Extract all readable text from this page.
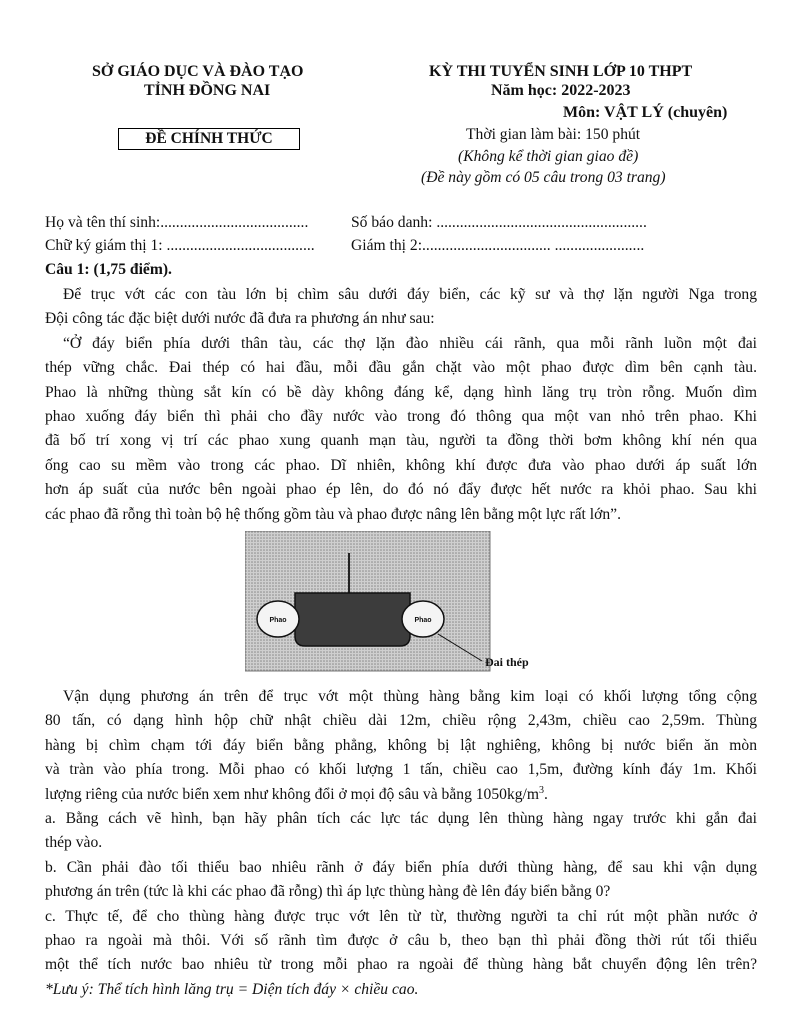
SỞ GIÁO DỤC VÀ ĐÀO TẠO
TỈNH ĐỒNG NAI
ĐỀ CHÍNH THỨC
KỲ THI TUYỂN SINH LỚP 10 THPT
Năm học: 2022-2023
Môn: VẬT LÝ (chuyên)
Thời gian làm bài: 150 phút
(Không kể thời gian giao đề)
(Đề này gồm có 05 câu trong 03 trang)
Họ và tên thí sinh:......................................	Số báo danh: ......................................................
Chữ ký giám thị 1: ...................................... Giám thị 2:................................. .......................
Câu 1: (1,75 điểm).
Để trục vớt các con tàu lớn bị chìm sâu dưới đáy biển, các kỹ sư và thợ lặn người Nga trong
Đội công tác đặc biệt dưới nước đã đưa ra phương án như sau:
“Ở đáy biển phía dưới thân tàu, các thợ lặn đào nhiều cái rãnh, qua mỗi rãnh luồn một đai
thép vững chắc. Đai thép có hai đầu, mỗi đầu gắn chặt vào một phao được dìm bên cạnh tàu.
Phao là những thùng sắt kín có bề dày không đáng kể, dạng hình lăng trụ tròn rỗng. Muốn dìm
phao xuống đáy biển thì phải cho đầy nước vào trong đó thông qua một van nhỏ trên phao. Khi
đã bố trí xong vị trí các phao xung quanh mạn tàu, người ta đồng thời bơm không khí nén qua
ống cao su mềm vào trong các phao. Dĩ nhiên, không khí được đưa vào phao dưới áp suất lớn
hơn áp suất của nước bên ngoài phao ép lên, do đó nó đẩy được hết nước ra khỏi phao. Sau khi
các phao đã rỗng thì toàn bộ hệ thống gồm tàu và phao được nâng lên bằng một lực rất lớn”.
Phao	Phao
Đai thép
Vận dụng phương án trên để trục vớt một thùng hàng bằng kim loại có khối lượng tổng cộng
80 tấn, có dạng hình hộp chữ nhật chiều dài 12m, chiều rộng 2,43m, chiều cao 2,59m. Thùng
hàng bị chìm chạm tới đáy biển bằng phẳng, không bị lật nghiêng, không bị nước biển ăn mòn
và tràn vào phía trong. Mỗi phao có khối lượng 1 tấn, chiều cao 1,5m, đường kính đáy 1m. Khối
lượng riêng của nước biển xem như không đổi ở mọi độ sâu và bằng $1050kg/m^3$.
a. Bằng cách vẽ hình, bạn hãy phân tích các lực tác dụng lên thùng hàng ngay trước khi gắn đai
thép vào.
b. Cần phải đào tối thiểu bao nhiêu rãnh ở đáy biển phía dưới thùng hàng, để sau khi vận dụng
phương án trên (tức là khi các phao đã rỗng) thì áp lực thùng hàng đè lên đáy biển bằng 0?
c. Thực tế, để cho thùng hàng được trục vớt lên từ từ, thường người ta chỉ rút một phần nước ở
phao ra ngoài mà thôi. Với số rãnh tìm được ở câu b, theo bạn thì phải đồng thời rút tối thiểu
một thể tích nước bao nhiêu từ trong mỗi phao ra ngoài để thùng hàng bắt chuyển động lên trên?
*Lưu ý: Thể tích hình lăng trụ = Diện tích đáy × chiều cao.
